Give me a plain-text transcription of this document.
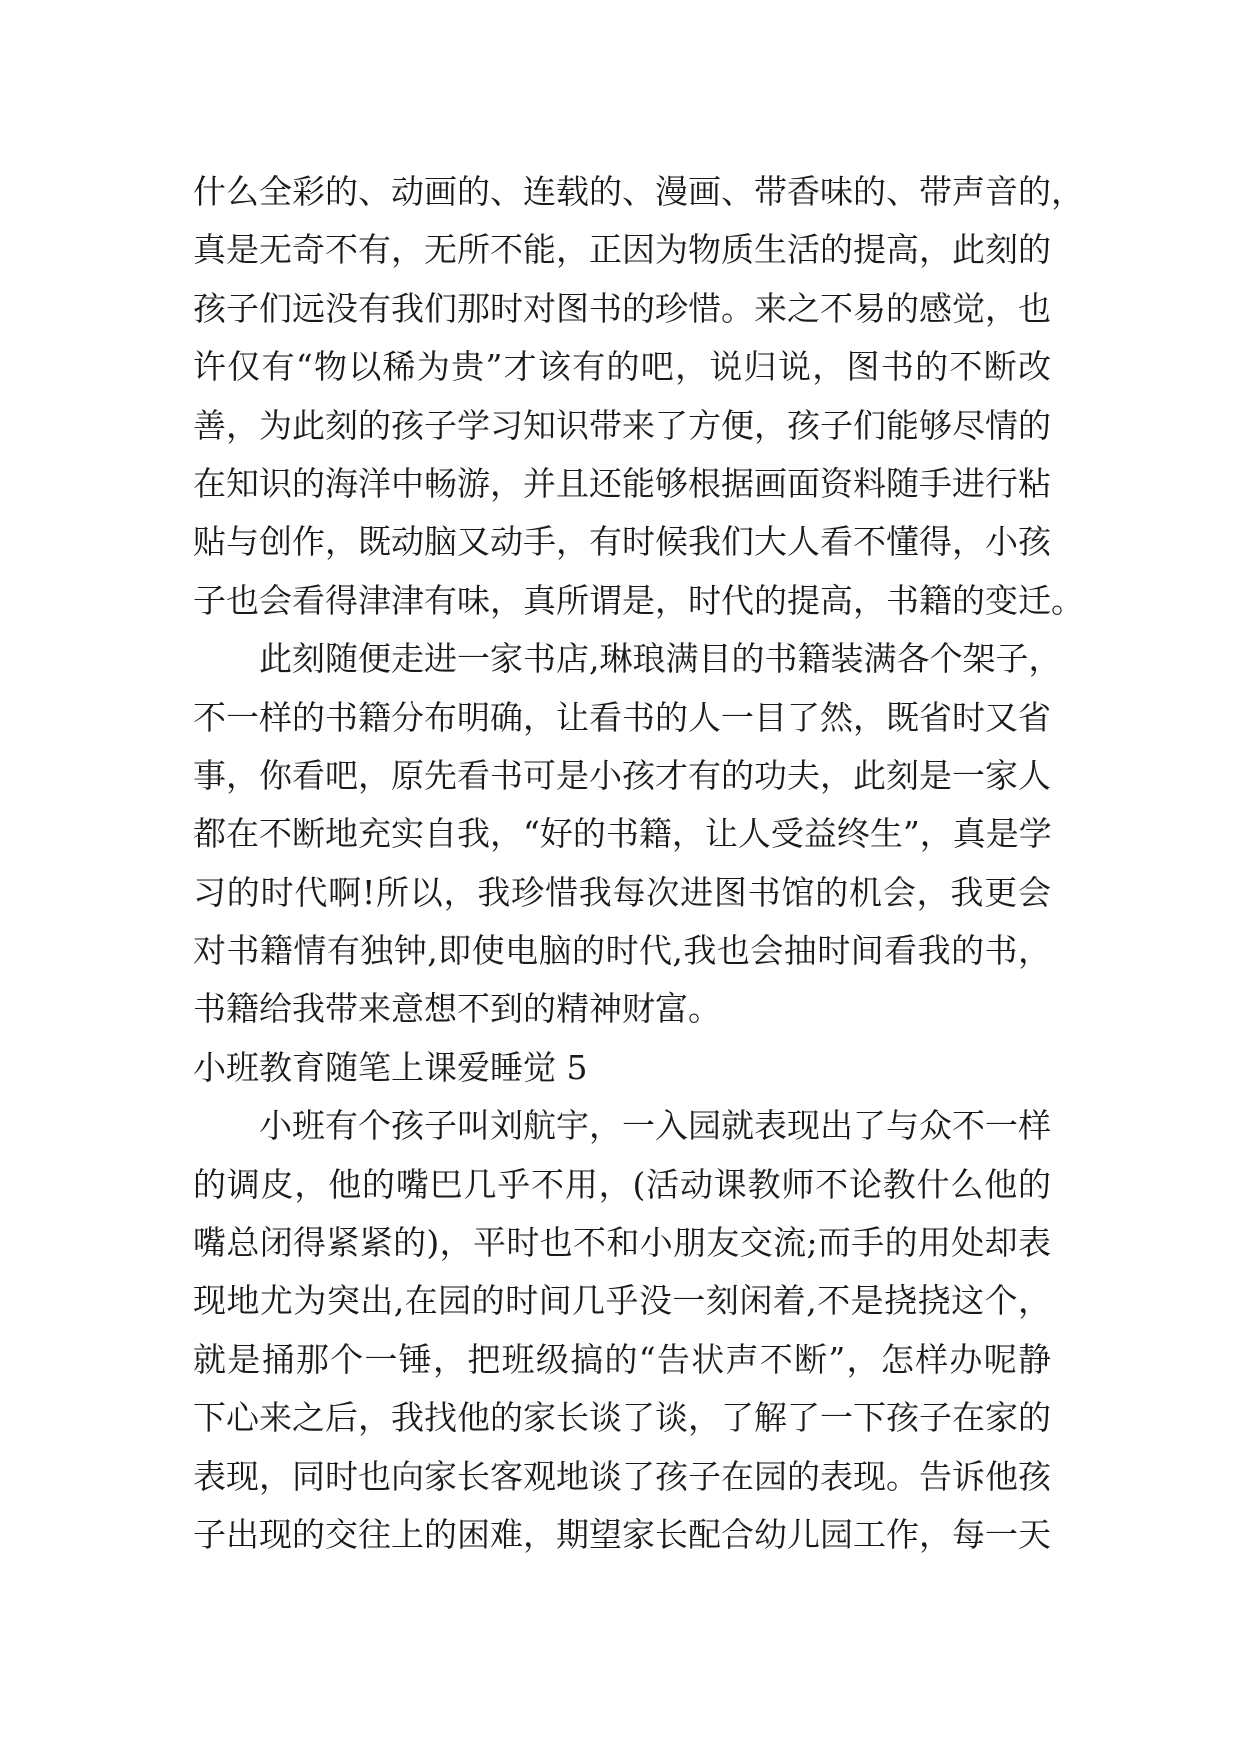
什么全彩的、动画的、连载的、漫画、带香味的、带声音的，
真是无奇不有，无所不能，正因为物质生活的提高，此刻的
孩子们远没有我们那时对图书的珍惜。来之不易的感觉，也
许仅有“物以稀为贵”才该有的吧，说归说，图书的不断改
善，为此刻的孩子学习知识带来了方便，孩子们能够尽情的
在知识的海洋中畅游，并且还能够根据画面资料随手进行粘
贴与创作，既动脑又动手，有时候我们大人看不懂得，小孩
子也会看得津津有味，真所谓是，时代的提高，书籍的变迁。
此刻随便走进一家书店,琳琅满目的书籍装满各个架子，
不一样的书籍分布明确，让看书的人一目了然，既省时又省
事，你看吧，原先看书可是小孩才有的功夫，此刻是一家人
都在不断地充实自我，“好的书籍，让人受益终生”，真是学
习的时代啊!所以，我珍惜我每次进图书馆的机会，我更会
对书籍情有独钟,即使电脑的时代,我也会抽时间看我的书，
书籍给我带来意想不到的精神财富。
小班教育随笔上课爱睡觉 5
小班有个孩子叫刘航宇，一入园就表现出了与众不一样
的调皮，他的嘴巴几乎不用，(活动课教师不论教什么他的
嘴总闭得紧紧的)，平时也不和小朋友交流;而手的用处却表
现地尤为突出,在园的时间几乎没一刻闲着,不是挠挠这个，
就是捅那个一锤，把班级搞的“告状声不断”，怎样办呢静
下心来之后，我找他的家长谈了谈，了解了一下孩子在家的
表现，同时也向家长客观地谈了孩子在园的表现。告诉他孩
子出现的交往上的困难，期望家长配合幼儿园工作，每一天
